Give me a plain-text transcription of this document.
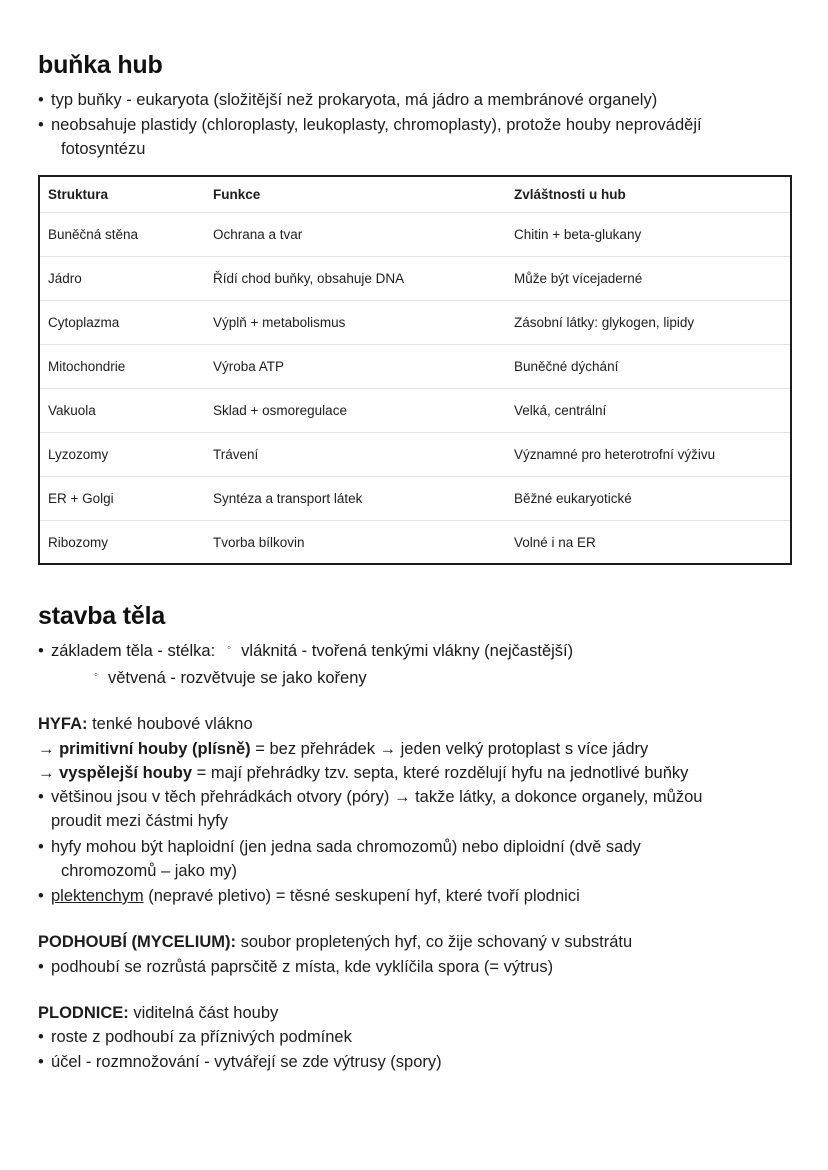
buňka hub
• typ buňky - eukaryota (složitější než prokaryota, má jádro a membránové organely)
• neobsahuje plastidy (chloroplasty, leukoplasty, chromoplasty), protože houby neprovádějí
fotosyntézu
Struktura	Funkce	Zvláštnosti u hub
Buněčná stěna	Ochrana a tvar	Chitin + beta-glukany
Jádro	Řídí chod buňky, obsahuje DNA	Může být vícejaderné
Cytoplazma	Výplň + metabolismus	Zásobní látky: glykogen, lipidy
Mitochondrie	Výroba ATP	Buněčné dýchání
Vakuola	Sklad + osmoregulace	Velká, centrální
Lyzozomy	Trávení	Významné pro heterotrofní výživu
ER + Golgi	Syntéza a transport látek	Běžné eukaryotické
Ribozomy	Tvorba bílkovin	Volné i na ER
stavba těla
• základem těla - stélka:	◦ vláknitá - tvořená tenkými vlákny (nejčastější)
◦ větvená - rozvětvuje se jako kořeny

HYFA: tenké houbové vlákno

→ primitivní houby (plísně) = bez přehrádek → jeden velký protoplast s více jádry

→ vyspělejší houby = mají přehrádky tzv. septa, které rozdělují hyfu na jednotlivé buňky

• většinou jsou v těch přehrádkách otvory (póry) → takže látky, a dokonce organely, můžou
proudit mezi částmi hyfy
• hyfy mohou být haploidní (jen jedna sada chromozomů) nebo diploidní (dvě sady
chromozomů – jako my)
• plektenchym (nepravé pletivo) = těsné seskupení hyf, které tvoří plodnici

PODHOUBÍ (MYCELIUM): soubor propletených hyf, co žije schovaný v substrátu

• podhoubí se rozrůstá paprsčitě z místa, kde vyklíčila spora (= výtrus)

PLODNICE: viditelná část houby

• roste z podhoubí za příznivých podmínek
• účel - rozmnožování - vytvářejí se zde výtrusy (spory)
